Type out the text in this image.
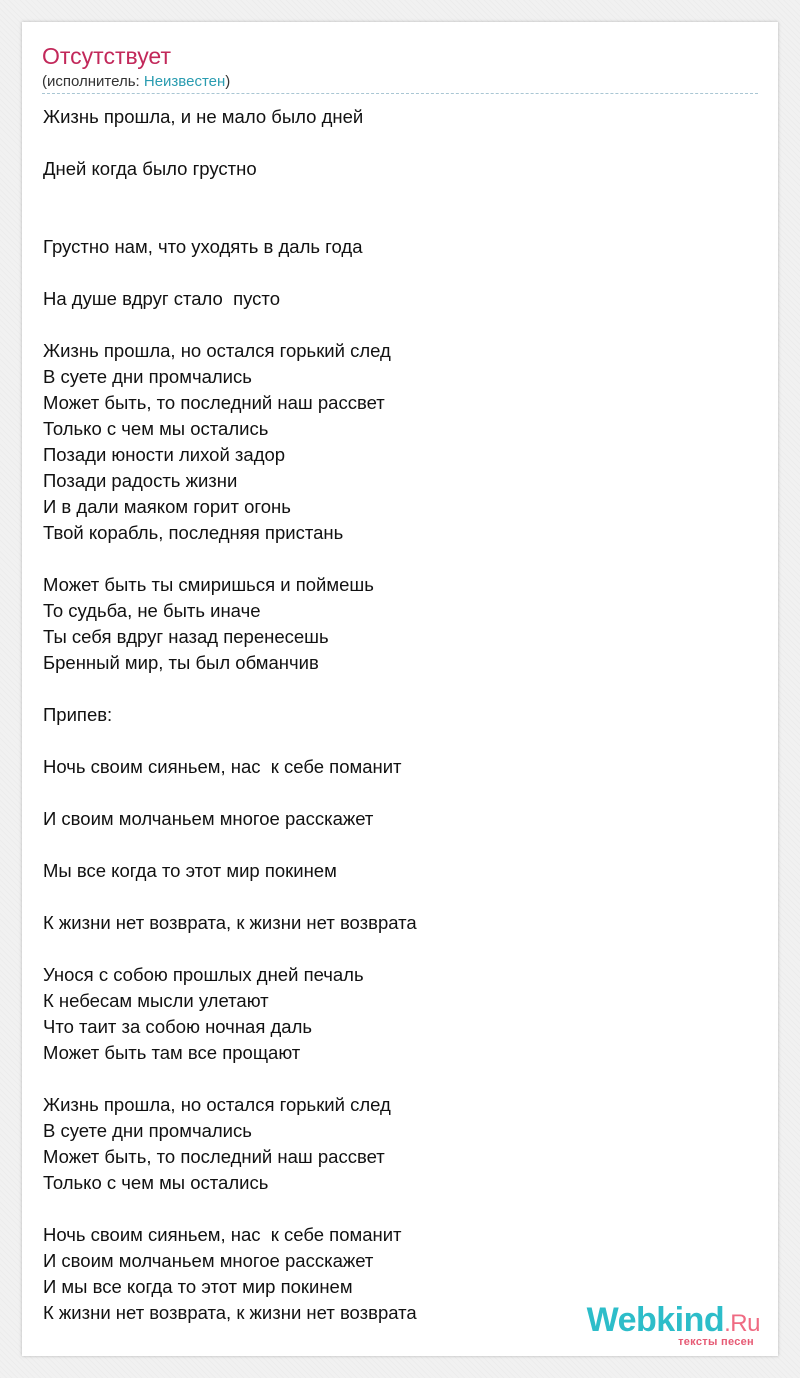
Отсутствует
(исполнитель: Неизвестен)
Жизнь прошла, и не мало было дней

Дней когда было грустно

Грустно нам, что уходять в даль года

На душе вдруг стало  пусто

Жизнь прошла, но остался горький след
В суете дни промчались
Может быть, то последний наш рассвет
Только с чем мы остались
Позади юности лихой задор
Позади радость жизни
И в дали маяком горит огонь
Твой корабль, последняя пристань

Может быть ты смиришься и поймешь
То судьба, не быть иначе
Ты себя вдруг назад перенесешь
Бренный мир, ты был обманчив

Припев:

Ночь своим сияньем, нас  к себе поманит

И своим молчаньем многое расскажет

Мы все когда то этот мир покинем

К жизни нет возврата, к жизни нет возврата

Унося с собою прошлых дней печаль
К небесам мысли улетают
Что таит за собою ночная даль
Может быть там все прощают

Жизнь прошла, но остался горький след
В суете дни промчались
Может быть, то последний наш рассвет
Только с чем мы остались

Ночь своим сияньем, нас  к себе поманит
И своим молчаньем многое расскажет
И мы все когда то этот мир покинем
К жизни нет возврата, к жизни нет возврата	Webkind.Ru
тексты песен
